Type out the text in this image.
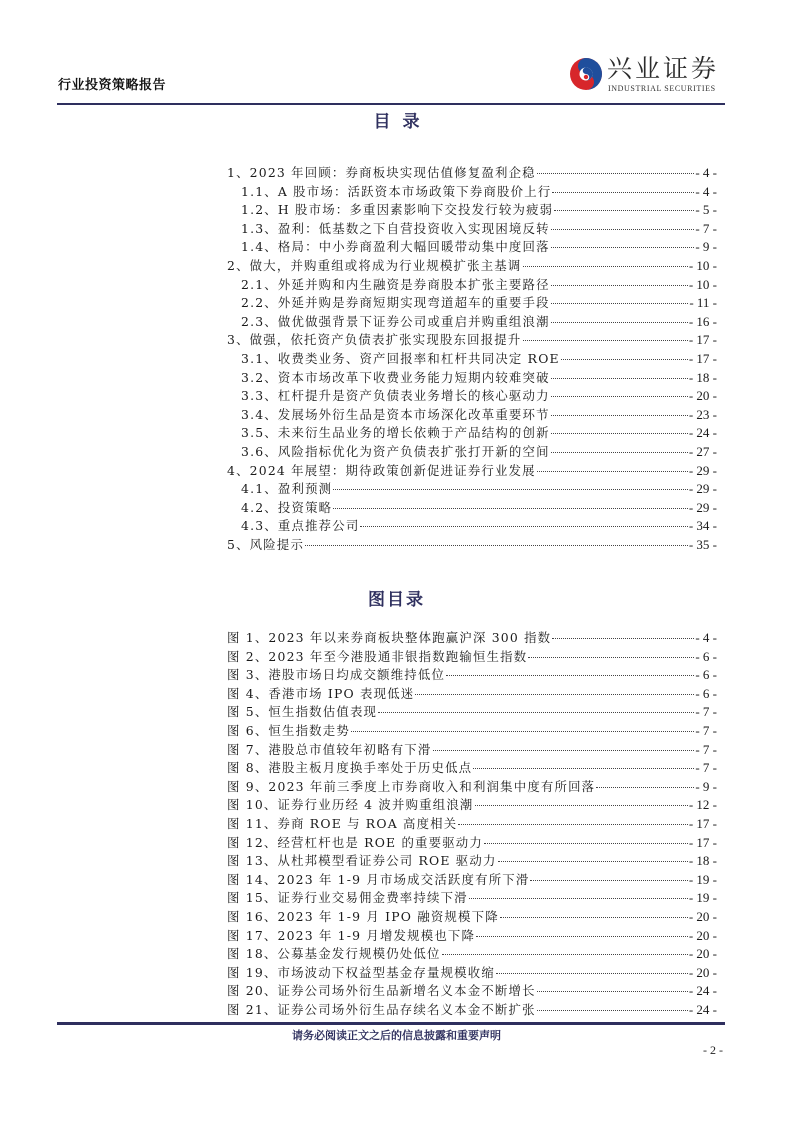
行业投资策略报告
兴业证券
INDUSTRIAL SECURITIES
目录
1、2023 年回顾：券商板块实现估值修复盈利企稳	- 4 -
1.1、A 股市场：活跃资本市场政策下券商股价上行	- 4 -
1.2、H 股市场：多重因素影响下交投发行较为疲弱	- 5 -
1.3、盈利：低基数之下自营投资收入实现困境反转	- 7 -
1.4、格局：中小券商盈利大幅回暖带动集中度回落	- 9 -
2、做大，并购重组或将成为行业规模扩张主基调	- 10 -
2.1、外延并购和内生融资是券商股本扩张主要路径	- 10 -
2.2、外延并购是券商短期实现弯道超车的重要手段	- 11 -
2.3、做优做强背景下证券公司或重启并购重组浪潮	- 16 -
3、做强，依托资产负债表扩张实现股东回报提升	- 17 -
3.1、收费类业务、资产回报率和杠杆共同决定 ROE	- 17 -
3.2、资本市场改革下收费业务能力短期内较难突破	- 18 -
3.3、杠杆提升是资产负债表业务增长的核心驱动力	- 20 -
3.4、发展场外衍生品是资本市场深化改革重要环节	- 23 -
3.5、未来衍生品业务的增长依赖于产品结构的创新	- 24 -
3.6、风险指标优化为资产负债表扩张打开新的空间	- 27 -
4、2024 年展望：期待政策创新促进证券行业发展	- 29 -
4.1、盈利预测	- 29 -
4.2、投资策略	- 29 -
4.3、重点推荐公司	- 34 -
5、风险提示	- 35 -
图目录
图 1、2023 年以来券商板块整体跑赢沪深 300 指数	- 4 -
图 2、2023 年至今港股通非银指数跑输恒生指数	- 6 -
图 3、港股市场日均成交额维持低位	- 6 -
图 4、香港市场 IPO 表现低迷	- 6 -
图 5、恒生指数估值表现	- 7 -
图 6、恒生指数走势	- 7 -
图 7、港股总市值较年初略有下滑	- 7 -
图 8、港股主板月度换手率处于历史低点	- 7 -
图 9、2023 年前三季度上市券商收入和利润集中度有所回落	- 9 -
图 10、证券行业历经 4 波并购重组浪潮	- 12 -
图 11、券商 ROE 与 ROA 高度相关	- 17 -
图 12、经营杠杆也是 ROE 的重要驱动力	- 17 -
图 13、从杜邦模型看证券公司 ROE 驱动力	- 18 -
图 14、2023 年 1-9 月市场成交活跃度有所下滑	- 19 -
图 15、证券行业交易佣金费率持续下滑	- 19 -
图 16、2023 年 1-9 月 IPO 融资规模下降	- 20 -
图 17、2023 年 1-9 月增发规模也下降	- 20 -
图 18、公募基金发行规模仍处低位	- 20 -
图 19、市场波动下权益型基金存量规模收缩	- 20 -
图 20、证券公司场外衍生品新增名义本金不断增长	- 24 -
图 21、证券公司场外衍生品存续名义本金不断扩张	- 24 -
请务必阅读正文之后的信息披露和重要声明
- 2 -
